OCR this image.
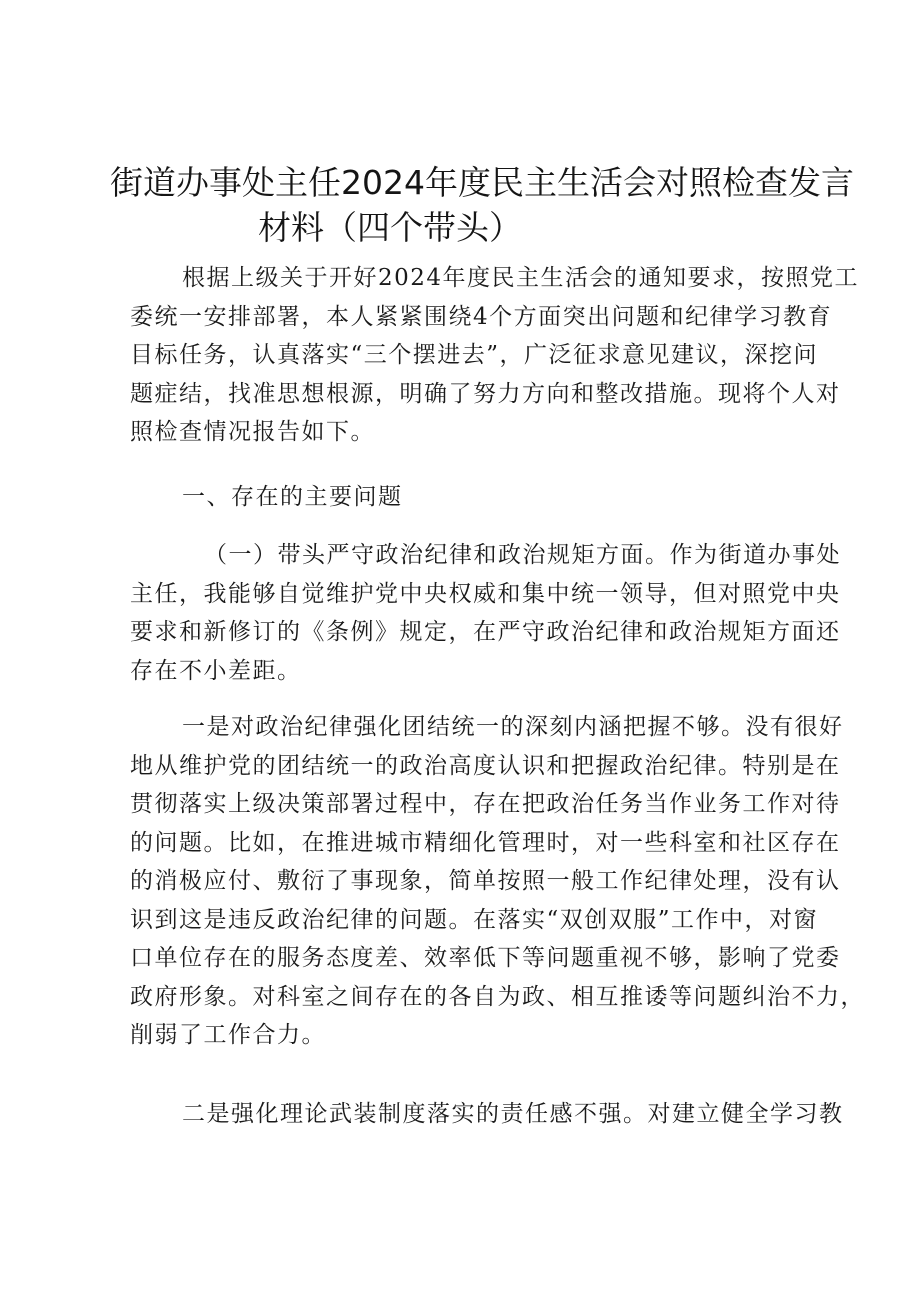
街道办事处主任2024年度民主生活会对照检查发言
材料（四个带头）
根据上级关于开好2024年度民主生活会的通知要求，按照党工
委统一安排部署，本人紧紧围绕4个方面突出问题和纪律学习教育
目标任务，认真落实“三个摆进去”，广泛征求意见建议，深挖问
题症结，找准思想根源，明确了努力方向和整改措施。现将个人对
照检查情况报告如下。
一、存在的主要问题
（一）带头严守政治纪律和政治规矩方面。作为街道办事处
主任，我能够自觉维护党中央权威和集中统一领导，但对照党中央
要求和新修订的《条例》规定，在严守政治纪律和政治规矩方面还
存在不小差距。
一是对政治纪律强化团结统一的深刻内涵把握不够。没有很好
地从维护党的团结统一的政治高度认识和把握政治纪律。特别是在
贯彻落实上级决策部署过程中，存在把政治任务当作业务工作对待
的问题。比如，在推进城市精细化管理时，对一些科室和社区存在
的消极应付、敷衍了事现象，简单按照一般工作纪律处理，没有认
识到这是违反政治纪律的问题。在落实“双创双服”工作中，对窗
口单位存在的服务态度差、效率低下等问题重视不够，影响了党委
政府形象。对科室之间存在的各自为政、相互推诿等问题纠治不力，
削弱了工作合力。
二是强化理论武装制度落实的责任感不强。对建立健全学习教
